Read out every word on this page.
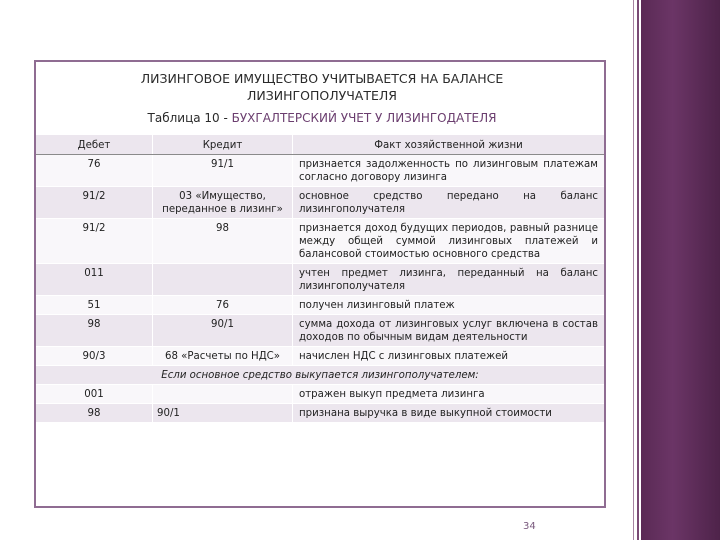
ЛИЗИНГОВОЕ ИМУЩЕСТВО УЧИТЫВАЕТСЯ НА БАЛАНСЕ
ЛИЗИНГОПОЛУЧАТЕЛЯ
Таблица 10 - БУХГАЛТЕРСКИЙ УЧЕТ У ЛИЗИНГОДАТЕЛЯ
Дебет	Кредит	Факт хозяйственной жизни
76	91/1	признается задолженность по лизинговым платежам согласно договору лизинга
91/2	03 «Имущество, переданное в лизинг»	основное средство передано на баланс лизингополучателя
91/2	98	признается доход будущих периодов, равный разнице между общей суммой лизинговых платежей и балансовой стоимостью основного средства
011		учтен предмет лизинга, переданный на баланс лизингополучателя
51	76	получен лизинговый платеж
98	90/1	сумма дохода от лизинговых услуг включена в состав доходов по обычным видам деятельности
90/3	68 «Расчеты по НДС»	начислен НДС с лизинговых платежей
Если основное средство выкупается лизингополучателем:		
001		отражен выкуп предмета лизинга
98	90/1	признана выручка в виде выкупной стоимости
34
